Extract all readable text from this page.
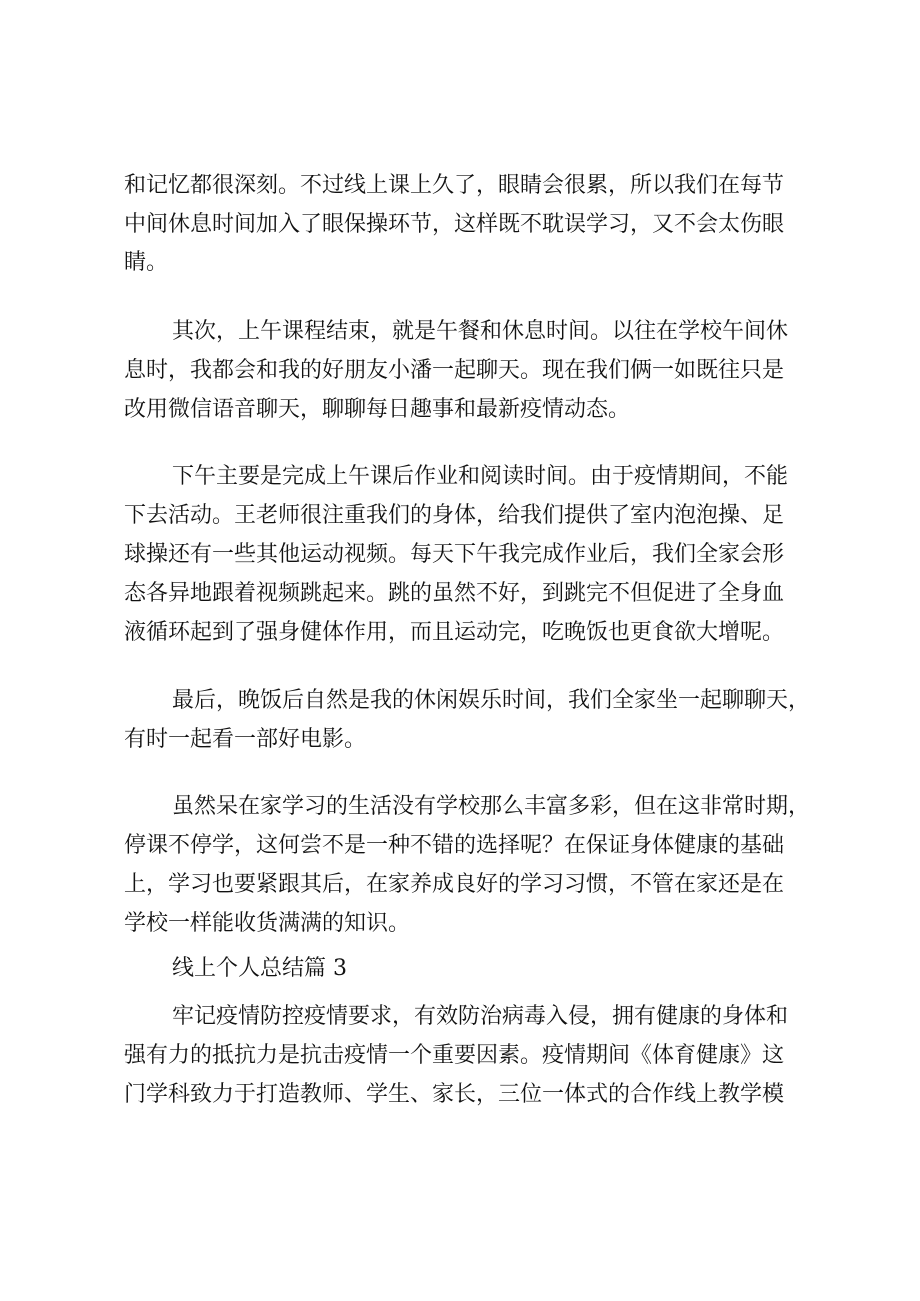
和记忆都很深刻。不过线上课上久了，眼睛会很累，所以我们在每节
中间休息时间加入了眼保操环节，这样既不耽误学习，又不会太伤眼
睛。
其次，上午课程结束，就是午餐和休息时间。以往在学校午间休
息时，我都会和我的好朋友小潘一起聊天。现在我们俩一如既往只是
改用微信语音聊天，聊聊每日趣事和最新疫情动态。
下午主要是完成上午课后作业和阅读时间。由于疫情期间，不能
下去活动。王老师很注重我们的身体，给我们提供了室内泡泡操、足
球操还有一些其他运动视频。每天下午我完成作业后，我们全家会形
态各异地跟着视频跳起来。跳的虽然不好，到跳完不但促进了全身血
液循环起到了强身健体作用，而且运动完，吃晚饭也更食欲大增呢。
最后，晚饭后自然是我的休闲娱乐时间，我们全家坐一起聊聊天，
有时一起看一部好电影。
虽然呆在家学习的生活没有学校那么丰富多彩，但在这非常时期，
停课不停学，这何尝不是一种不错的选择呢？在保证身体健康的基础
上，学习也要紧跟其后，在家养成良好的学习习惯，不管在家还是在
学校一样能收货满满的知识。
线上个人总结篇 3
牢记疫情防控疫情要求，有效防治病毒入侵，拥有健康的身体和
强有力的抵抗力是抗击疫情一个重要因素。疫情期间《体育健康》这
门学科致力于打造教师、学生、家长，三位一体式的合作线上教学模
